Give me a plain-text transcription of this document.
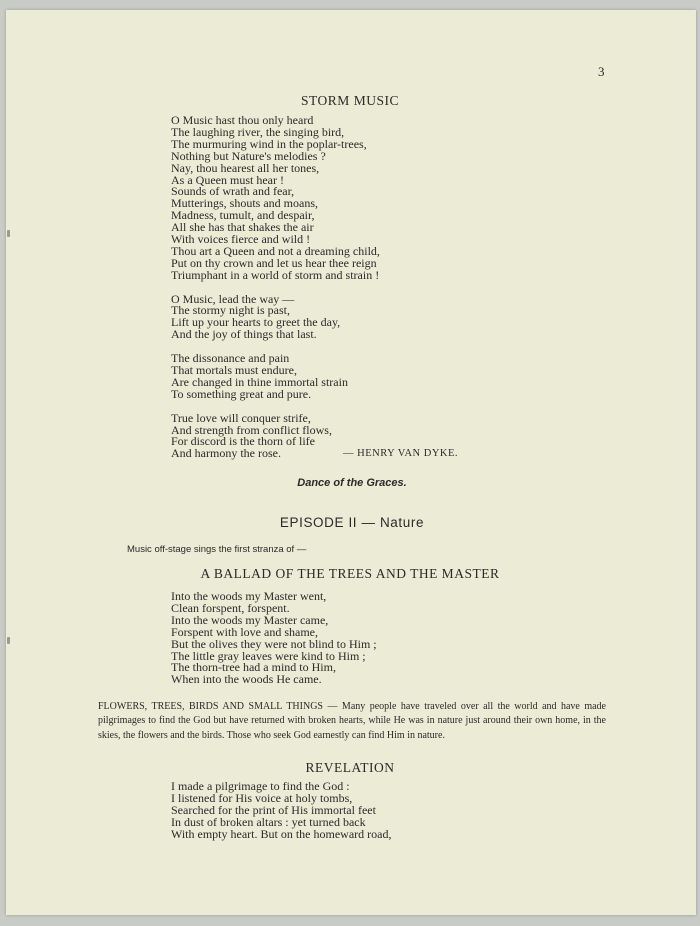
3
STORM MUSIC
O Music hast thou only heard
The laughing river, the singing bird,
The murmuring wind in the poplar-trees,
Nothing but Nature's melodies ?
Nay, thou hearest all her tones,
As a Queen must hear !
Sounds of wrath and fear,
Mutterings, shouts and moans,
Madness, tumult, and despair,
All she has that shakes the air
With voices fierce and wild !
Thou art a Queen and not a dreaming child,
Put on thy crown and let us hear thee reign
Triumphant in a world of storm and strain !
O Music, lead the way —
The stormy night is past,
Lift up your hearts to greet the day,
And the joy of things that last.
The dissonance and pain
That mortals must endure,
Are changed in thine immortal strain
To something great and pure.
True love will conquer strife,
And strength from conflict flows,
For discord is the thorn of life
And harmony the rose.	— HENRY VAN DYKE.
Dance of the Graces.
EPISODE II — Nature
Music off-stage sings the first stranza of —
A BALLAD OF THE TREES AND THE MASTER
Into the woods my Master went,
Clean forspent, forspent.
Into the woods my Master came,
Forspent with love and shame,
But the olives they were not blind to Him ;
The little gray leaves were kind to Him ;
The thorn-tree had a mind to Him,
When into the woods He came.
FLOWERS, TREES, BIRDS AND SMALL THINGS — Many people have traveled over all the world and have made pilgrimages to find the God but have returned with broken hearts, while He was in nature just around their own home, in the skies, the flowers and the birds. Those who seek God earnestly can find Him in nature.
REVELATION
I made a pilgrimage to find the God :
I listened for His voice at holy tombs,
Searched for the print of His immortal feet
In dust of broken altars : yet turned back
With empty heart. But on the homeward road,
